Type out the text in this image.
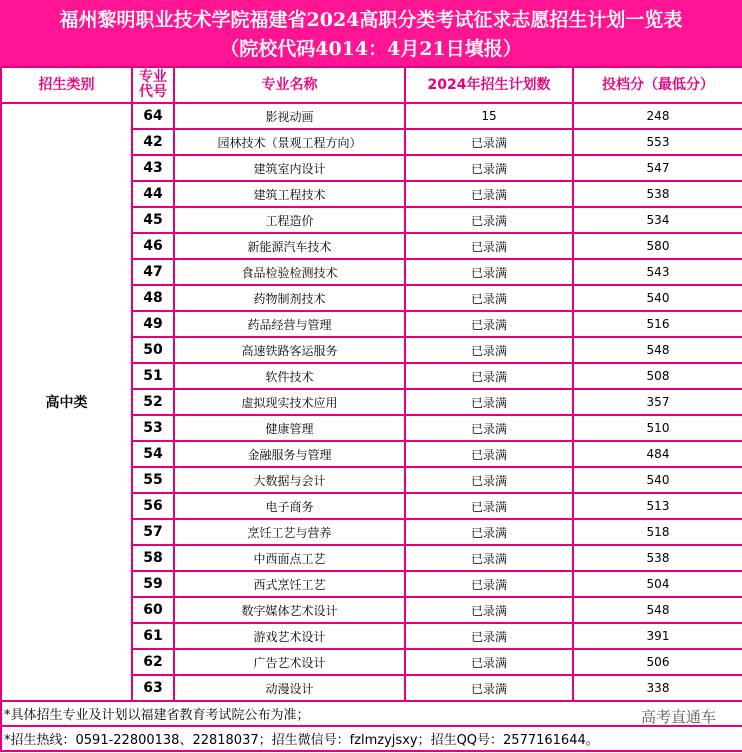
福州黎明职业技术学院福建省2024高职分类考试征求志愿招生计划一览表
（院校代码4014：4月21日填报）
招生类别	专业代号	专业名称	2024年招生计划数	投档分（最低分）
高中类	64	影视动画	15	248
	42	园林技术（景观工程方向）	已录满	553
	43	建筑室内设计	已录满	547
	44	建筑工程技术	已录满	538
	45	工程造价	已录满	534
	46	新能源汽车技术	已录满	580
	47	食品检验检测技术	已录满	543
	48	药物制剂技术	已录满	540
	49	药品经营与管理	已录满	516
	50	高速铁路客运服务	已录满	548
	51	软件技术	已录满	508
	52	虚拟现实技术应用	已录满	357
	53	健康管理	已录满	510
	54	金融服务与管理	已录满	484
	55	大数据与会计	已录满	540
	56	电子商务	已录满	513
	57	烹饪工艺与营养	已录满	518
	58	中西面点工艺	已录满	538
	59	西式烹饪工艺	已录满	504
	60	数字媒体艺术设计	已录满	548
	61	游戏艺术设计	已录满	391
	62	广告艺术设计	已录满	506
	63	动漫设计	已录满	338
*具体招生专业及计划以福建省教育考试院公布为准；				
*招生热线：0591-22800138、22818037；招生微信号：fzlmzyjsxy；招生QQ号：2577161644。				
高考直通车
